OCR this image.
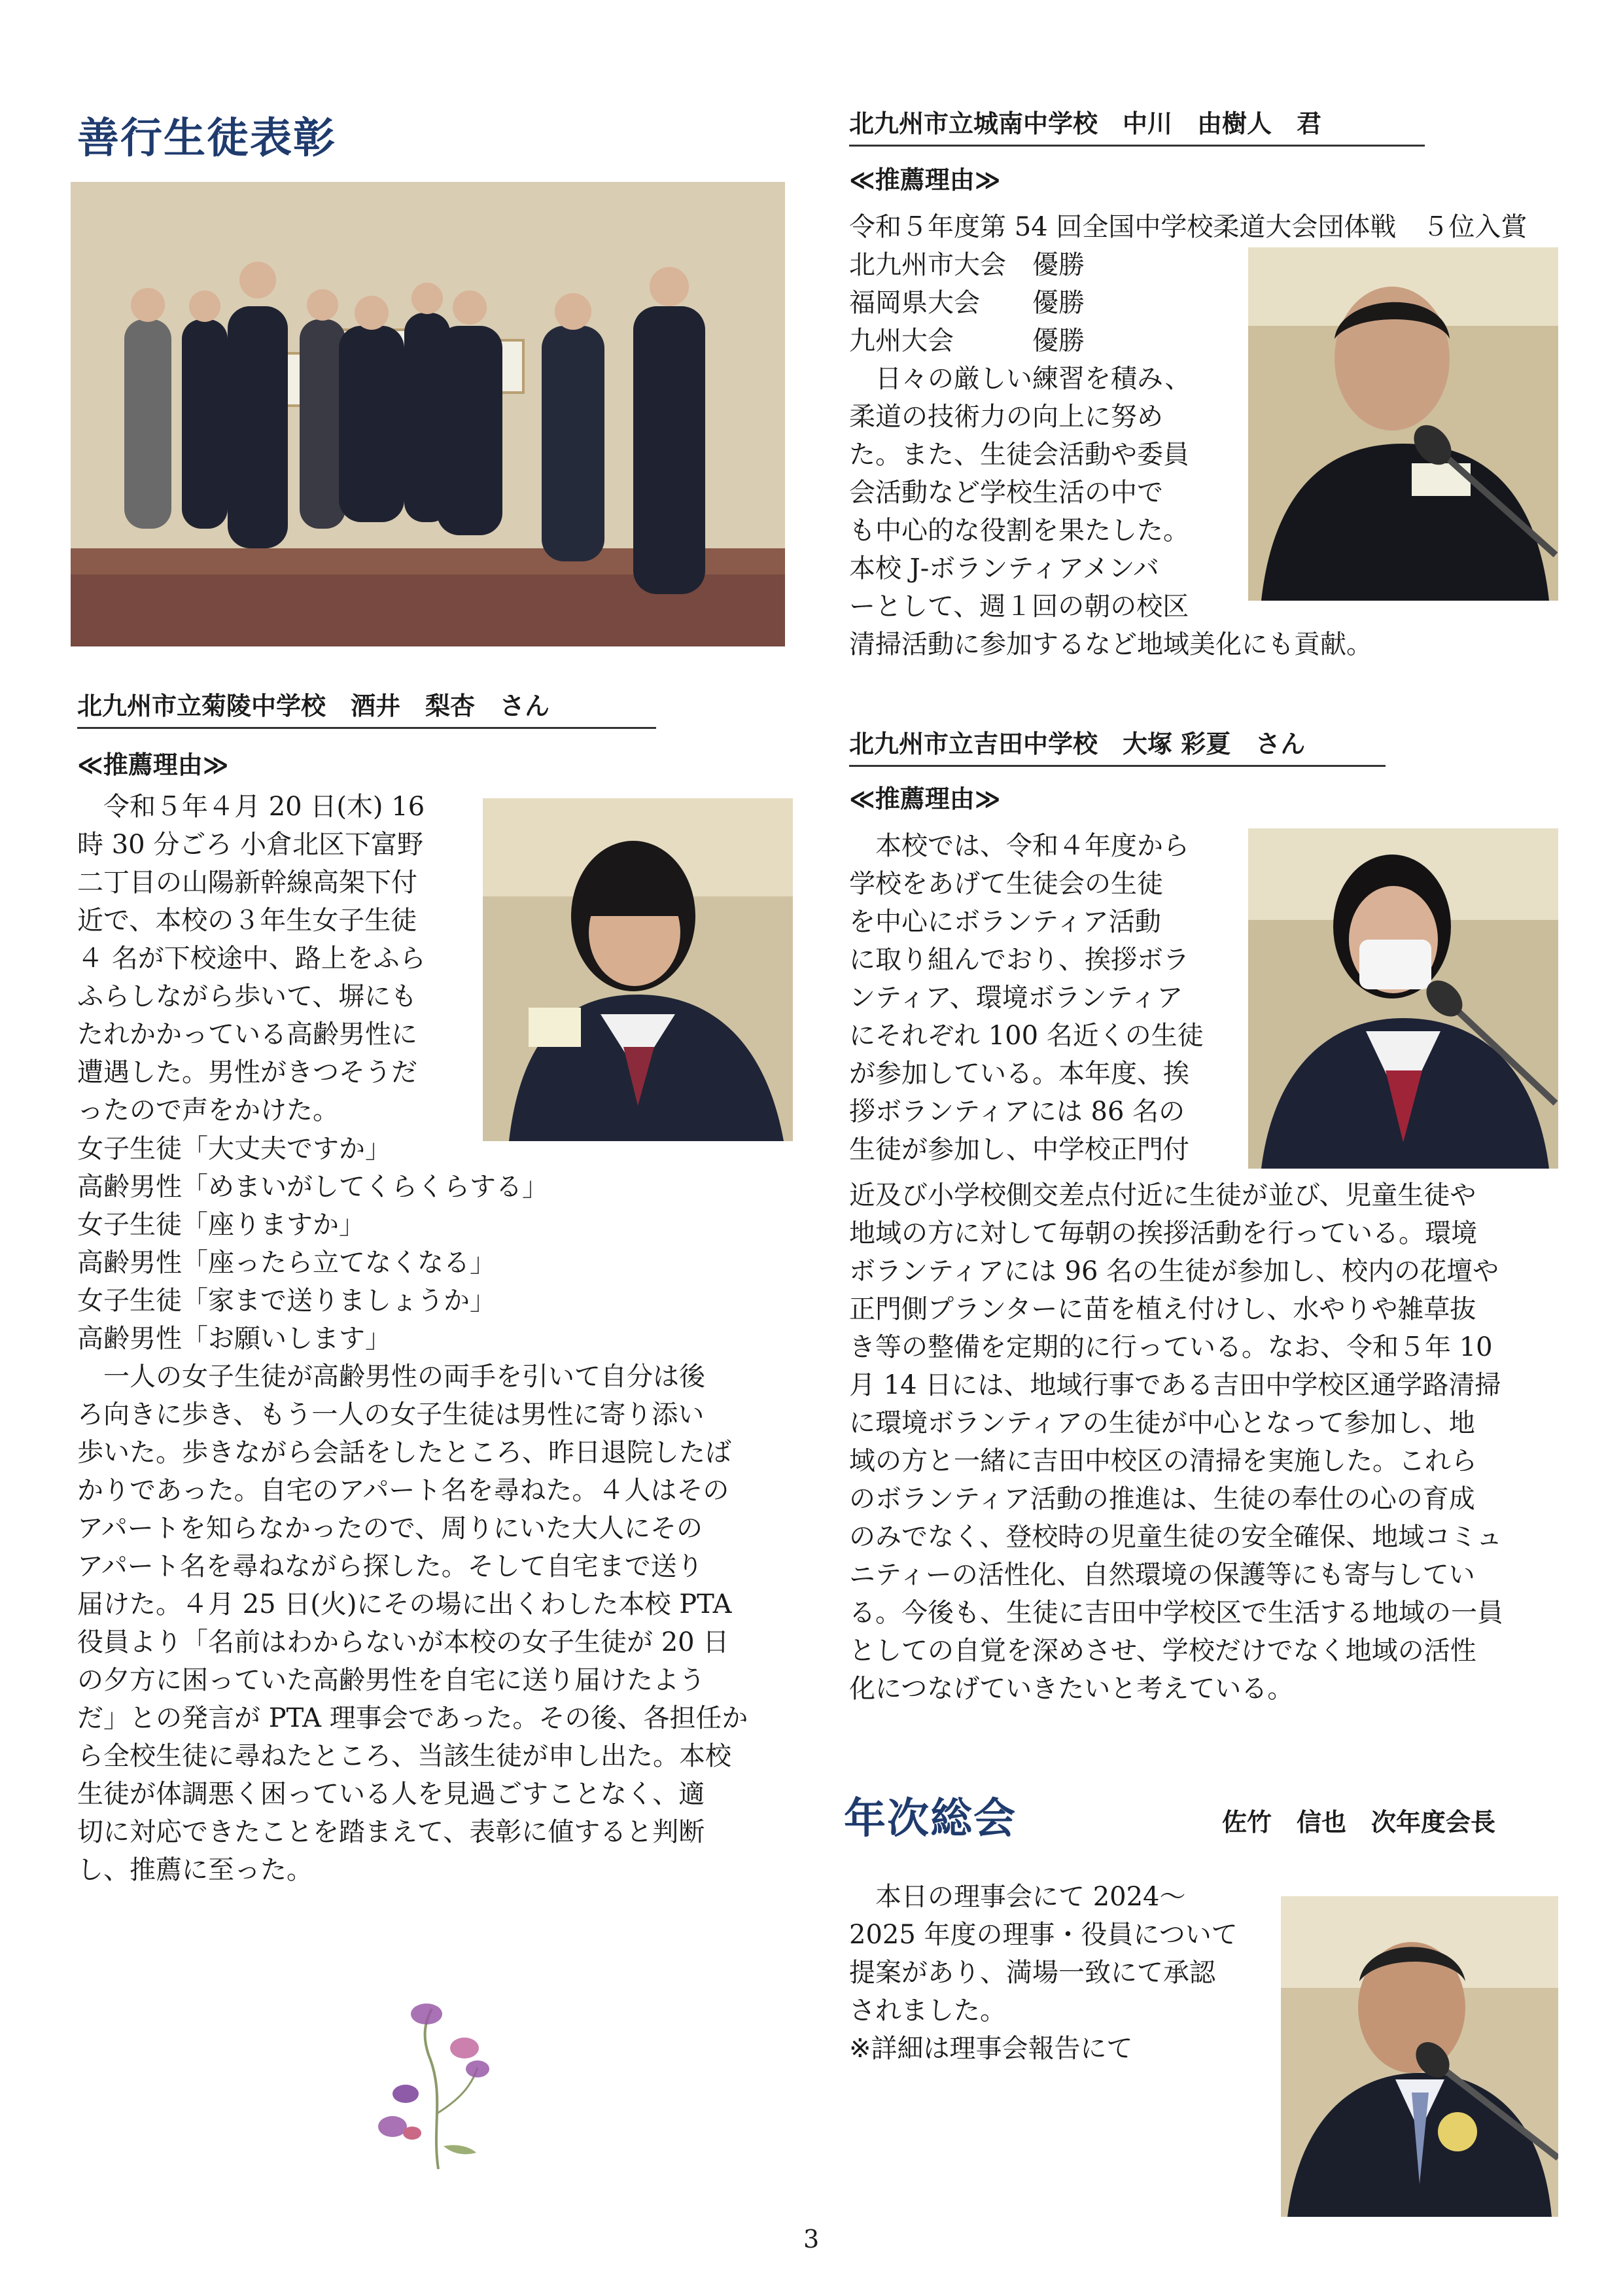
善行生徒表彰
北九州市立菊陵中学校　酒井　梨杏　さん
≪推薦理由≫
　令和５年４月 20 日(木) 16
時 30 分ごろ 小倉北区下富野
二丁目の山陽新幹線高架下付
近で、本校の３年生女子生徒
４ 名が下校途中、路上をふら
ふらしながら歩いて、塀にも
たれかかっている高齢男性に
遭遇した。男性がきつそうだ
ったので声をかけた。
女子生徒「大丈夫ですか」
高齢男性「めまいがしてくらくらする」
女子生徒「座りますか」
高齢男性「座ったら立てなくなる」
女子生徒「家まで送りましょうか」
高齢男性「お願いします」
　一人の女子生徒が高齢男性の両手を引いて自分は後
ろ向きに歩き、もう一人の女子生徒は男性に寄り添い
歩いた。歩きながら会話をしたところ、昨日退院したば
かりであった。自宅のアパート名を尋ねた。４人はその
アパートを知らなかったので、周りにいた大人にその
アパート名を尋ねながら探した。そして自宅まで送り
届けた。４月 25 日(火)にその場に出くわした本校 PTA
役員より「名前はわからないが本校の女子生徒が 20 日
の夕方に困っていた高齢男性を自宅に送り届けたよう
だ」との発言が PTA 理事会であった。その後、各担任か
ら全校生徒に尋ねたところ、当該生徒が申し出た。本校
生徒が体調悪く困っている人を見過ごすことなく、適
切に対応できたことを踏まえて、表彰に値すると判断
し、推薦に至った。
北九州市立城南中学校　中川　由樹人　君
≪推薦理由≫
令和５年度第 54 回全国中学校柔道大会団体戦　５位入賞
北九州市大会　優勝
福岡県大会　　優勝
九州大会　　　優勝
　日々の厳しい練習を積み、
柔道の技術力の向上に努め
た。また、生徒会活動や委員
会活動など学校生活の中で
も中心的な役割を果たした。
本校 J-ボランティアメンバ
ーとして、週１回の朝の校区
清掃活動に参加するなど地域美化にも貢献。
北九州市立吉田中学校　大塚 彩夏　さん
≪推薦理由≫
　本校では、令和４年度から
学校をあげて生徒会の生徒
を中心にボランティア活動
に取り組んでおり、挨拶ボラ
ンティア、環境ボランティア
にそれぞれ 100 名近くの生徒
が参加している。本年度、挨
拶ボランティアには 86 名の
生徒が参加し、中学校正門付
近及び小学校側交差点付近に生徒が並び、児童生徒や
地域の方に対して毎朝の挨拶活動を行っている。環境
ボランティアには 96 名の生徒が参加し、校内の花壇や
正門側プランターに苗を植え付けし、水やりや雑草抜
き等の整備を定期的に行っている。なお、令和５年 10
月 14 日には、地域行事である吉田中学校区通学路清掃
に環境ボランティアの生徒が中心となって参加し、地
域の方と一緒に吉田中校区の清掃を実施した。これら
のボランティア活動の推進は、生徒の奉仕の心の育成
のみでなく、登校時の児童生徒の安全確保、地域コミュ
ニティーの活性化、自然環境の保護等にも寄与してい
る。今後も、生徒に吉田中学校区で生活する地域の一員
としての自覚を深めさせ、学校だけでなく地域の活性
化につなげていきたいと考えている。
年次総会	佐竹　信也　次年度会長
　本日の理事会にて 2024～
2025 年度の理事・役員について
提案があり、満場一致にて承認
されました。
※詳細は理事会報告にて
3
